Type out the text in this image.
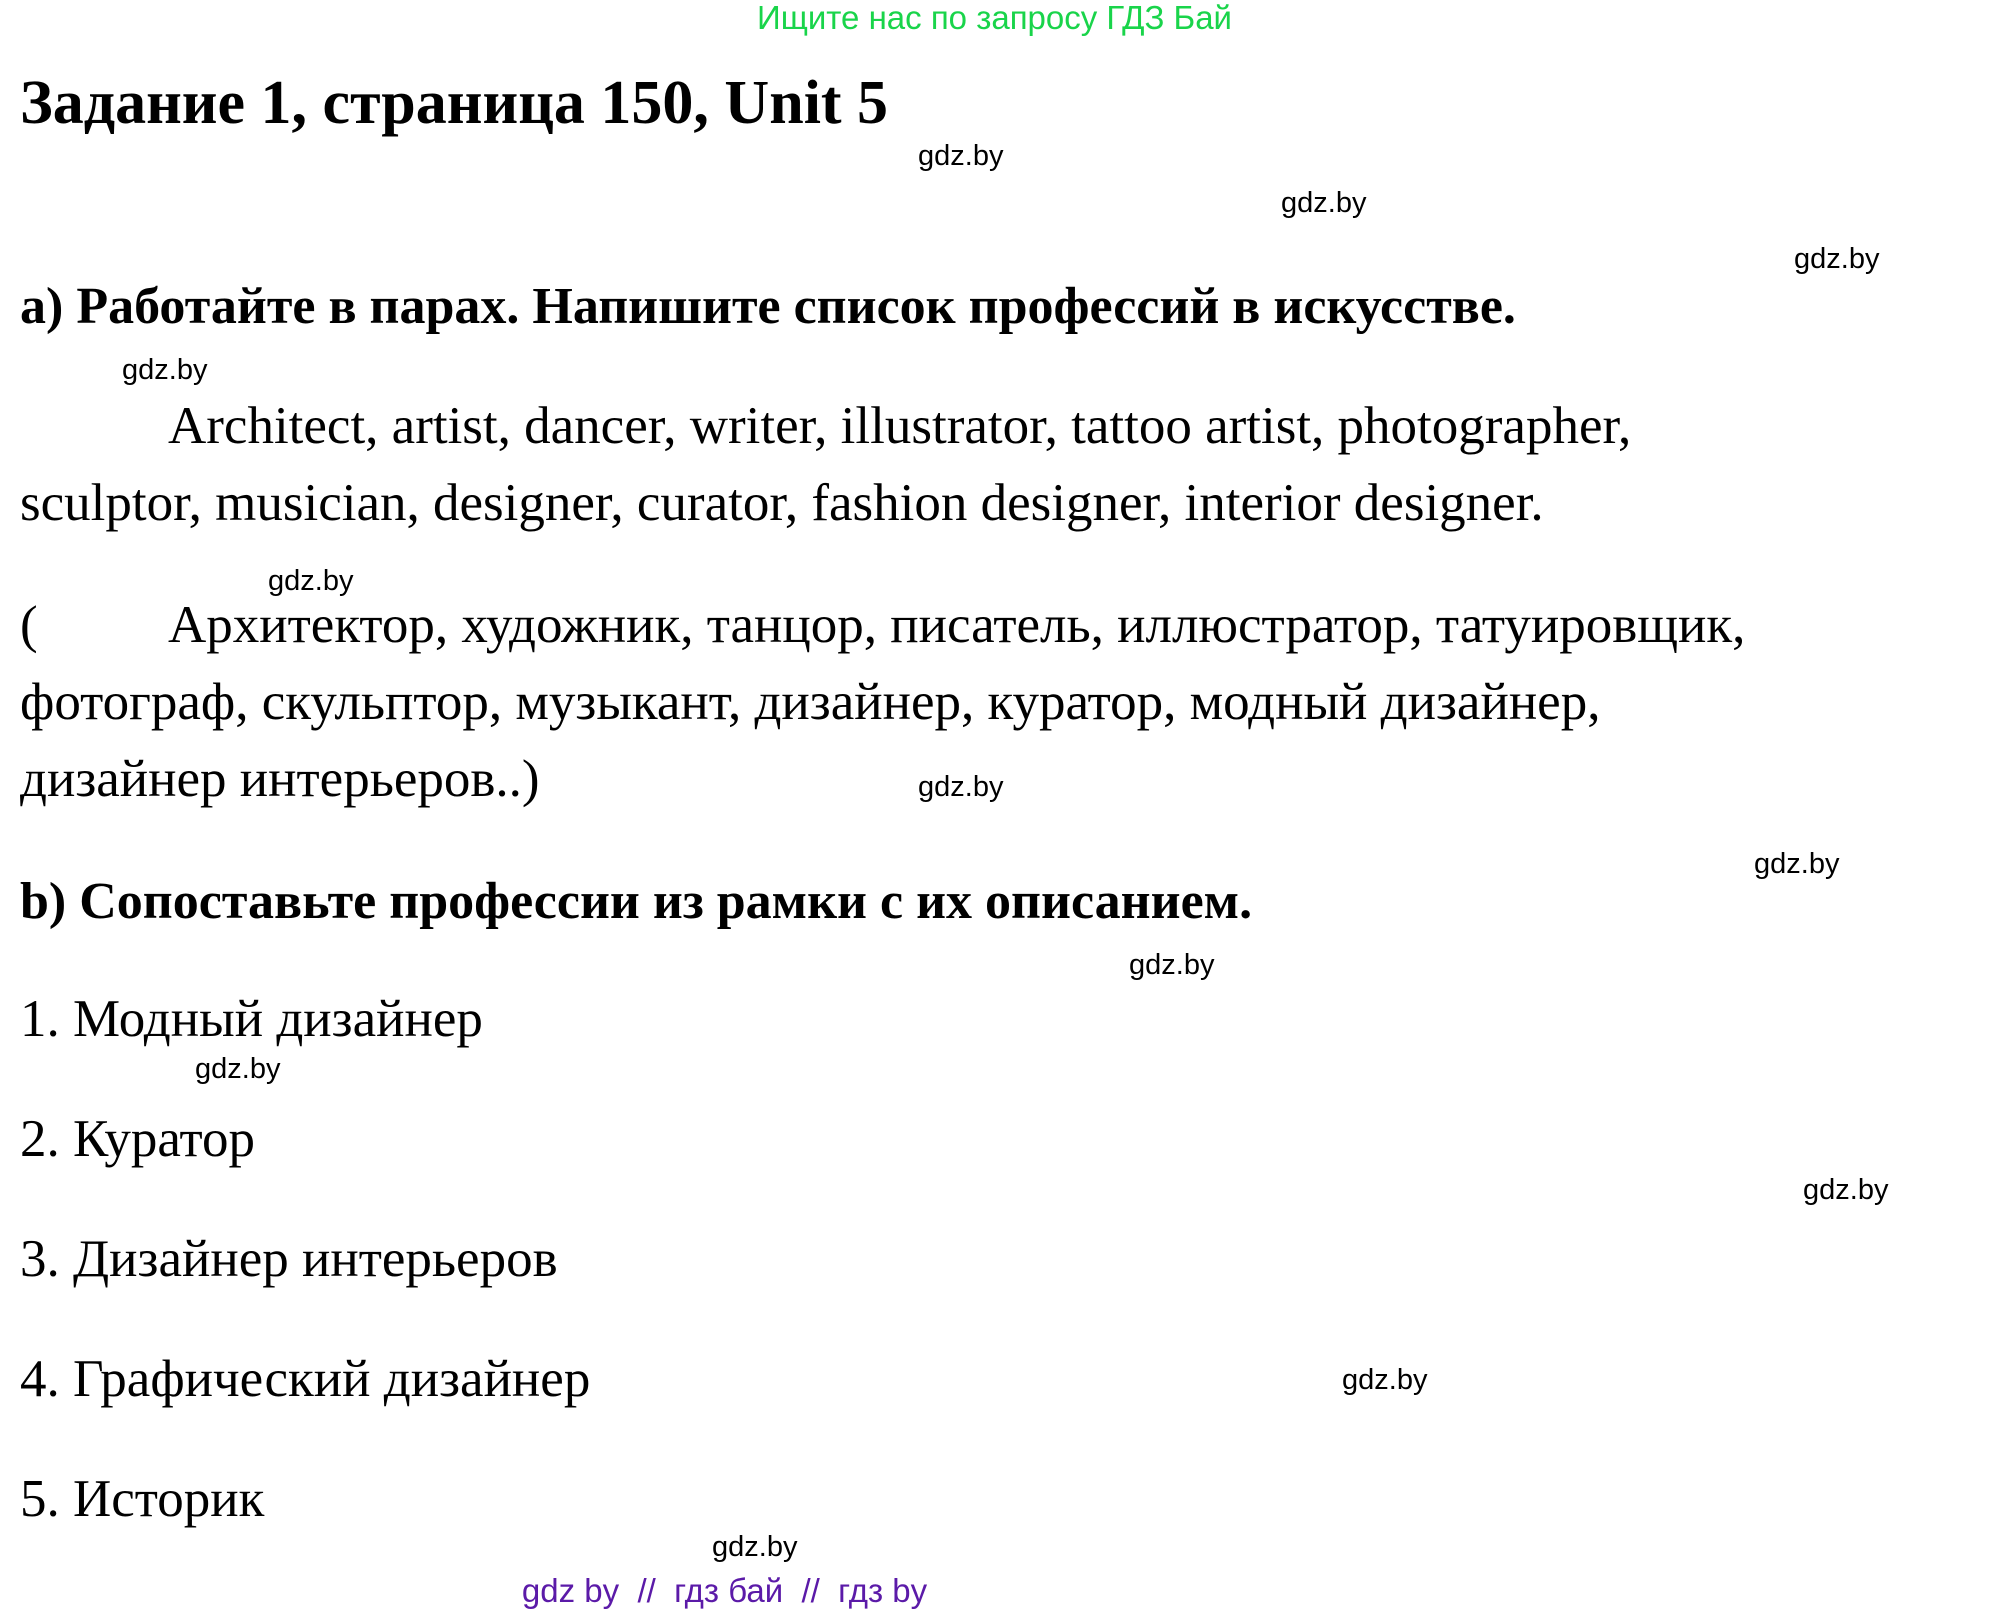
Ищите нас по запросу ГДЗ Бай
Задание 1, страница 150, Unit 5
gdz.by
gdz.by
gdz.by
a) Работайте в парах. Напишите список профессий в искусстве.
gdz.by
Architect, artist, dancer, writer, illustrator, tattoo artist, photographer,
sculptor, musician, designer, curator, fashion designer, interior designer.
gdz.by
( Архитектор, художник, танцор, писатель, иллюстратор, татуировщик,
фотограф, скульптор, музыкант, дизайнер, куратор, модный дизайнер,
дизайнер интерьеров..)	gdz.by
gdz.by
b) Сопоставьте профессии из рамки с их описанием.
gdz.by
1. Модный дизайнер
gdz.by
2. Куратор
gdz.by
3. Дизайнер интерьеров
4. Графический дизайнер	gdz.by
5. Историк
gdz.by
gdz by  //  гдз бай  //  гдз by
